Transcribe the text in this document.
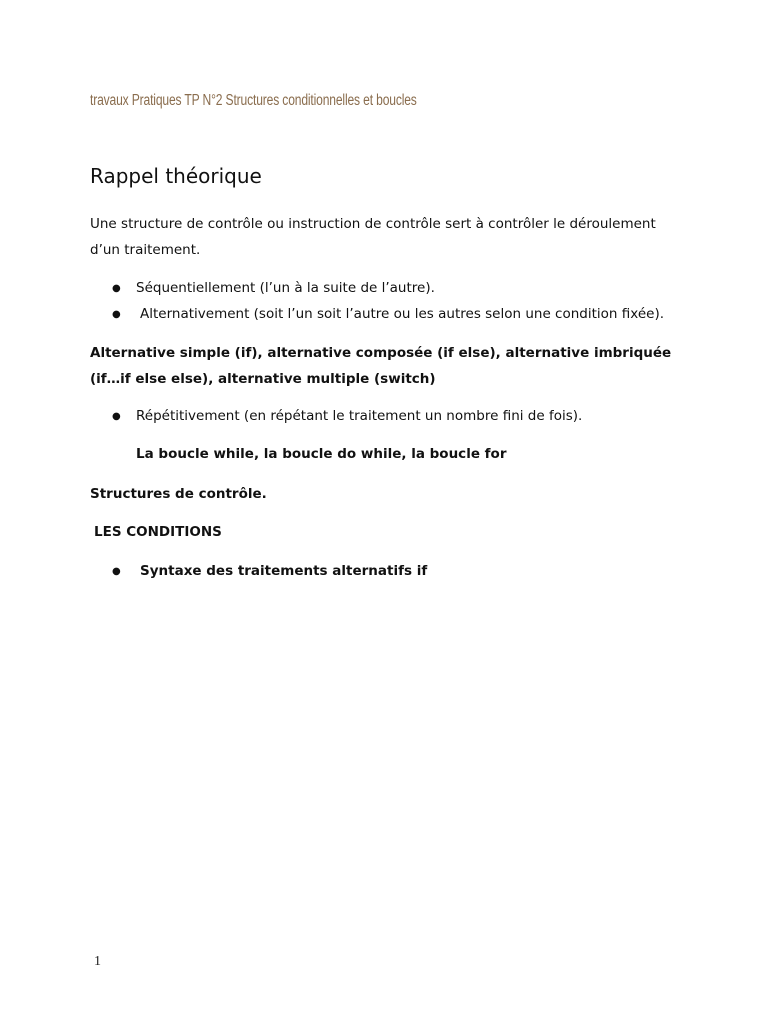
travaux Pratiques TP N°2 Structures conditionnelles et boucles
Rappel théorique
Une structure de contrôle ou instruction de contrôle sert à contrôler le déroulement d’un traitement.
● Séquentiellement (l’un à la suite de l’autre).
● Alternativement (soit l’un soit l’autre ou les autres selon une condition fixée).
Alternative simple (if), alternative composée (if else), alternative imbriquée (if…if else else), alternative multiple (switch)
● Répétitivement (en répétant le traitement un nombre fini de fois).
La boucle while, la boucle do while, la boucle for
Structures de contrôle.
LES CONDITIONS
● Syntaxe des traitements alternatifs if
1
